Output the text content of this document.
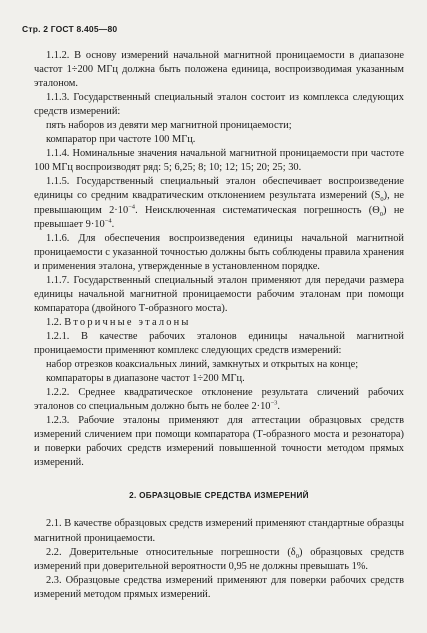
Стр. 2 ГОСТ 8.405—80

1.1.2. В основу измерений начальной магнитной проницаемости в диапазоне частот 1÷200 МГц должна быть положена единица, воспроизводимая указанным эталоном.

1.1.3. Государственный специальный эталон состоит из комплекса следующих средств измерений:

пять наборов из девяти мер магнитной проницаемости;

компаратор при частоте 100 МГц.

1.1.4. Номинальные значения начальной магнитной проницаемости при частоте 100 МГц воспроизводят ряд: 5; 6,25; 8; 10; 12; 15; 20; 25; 30.

1.1.5. Государственный специальный эталон обеспечивает воспроизведение единицы со средним квадратическим отклонением результата измерений $(S_0)$, не превышающим $2\cdot 10^{-4}$. Неисключенная систематическая погрешность $(\Theta_0)$ не превышает $9\cdot 10^{-4}$.

1.1.6. Для обеспечения воспроизведения единицы начальной магнитной проницаемости с указанной точностью должны быть соблюдены правила хранения и применения эталона, утвержденные в установленном порядке.

1.1.7. Государственный специальный эталон применяют для передачи размера единицы начальной магнитной проницаемости рабочим эталонам при помощи компаратора (двойного Т-образного моста).

1.2. Вторичные эталоны

1.2.1. В качестве рабочих эталонов единицы начальной магнитной проницаемости применяют комплекс следующих средств измерений:

набор отрезков коаксиальных линий, замкнутых и открытых на конце;

компараторы в диапазоне частот 1÷200 МГц.

1.2.2. Среднее квадратическое отклонение результата сличений рабочих эталонов со специальным должно быть не более $2\cdot 10^{-3}$.

1.2.3. Рабочие эталоны применяют для аттестации образцовых средств измерений сличением при помощи компаратора (Т-образного моста и резонатора) и поверки рабочих средств измерений повышенной точности методом прямых измерений.

2. ОБРАЗЦОВЫЕ СРЕДСТВА ИЗМЕРЕНИЙ

2.1. В качестве образцовых средств измерений применяют стандартные образцы магнитной проницаемости.

2.2. Доверительные относительные погрешности $(\delta_0)$ образцовых средств измерений при доверительной вероятности 0,95 не должны превышать 1%.

2.3. Образцовые средства измерений применяют для поверки рабочих средств измерений методом прямых измерений.
